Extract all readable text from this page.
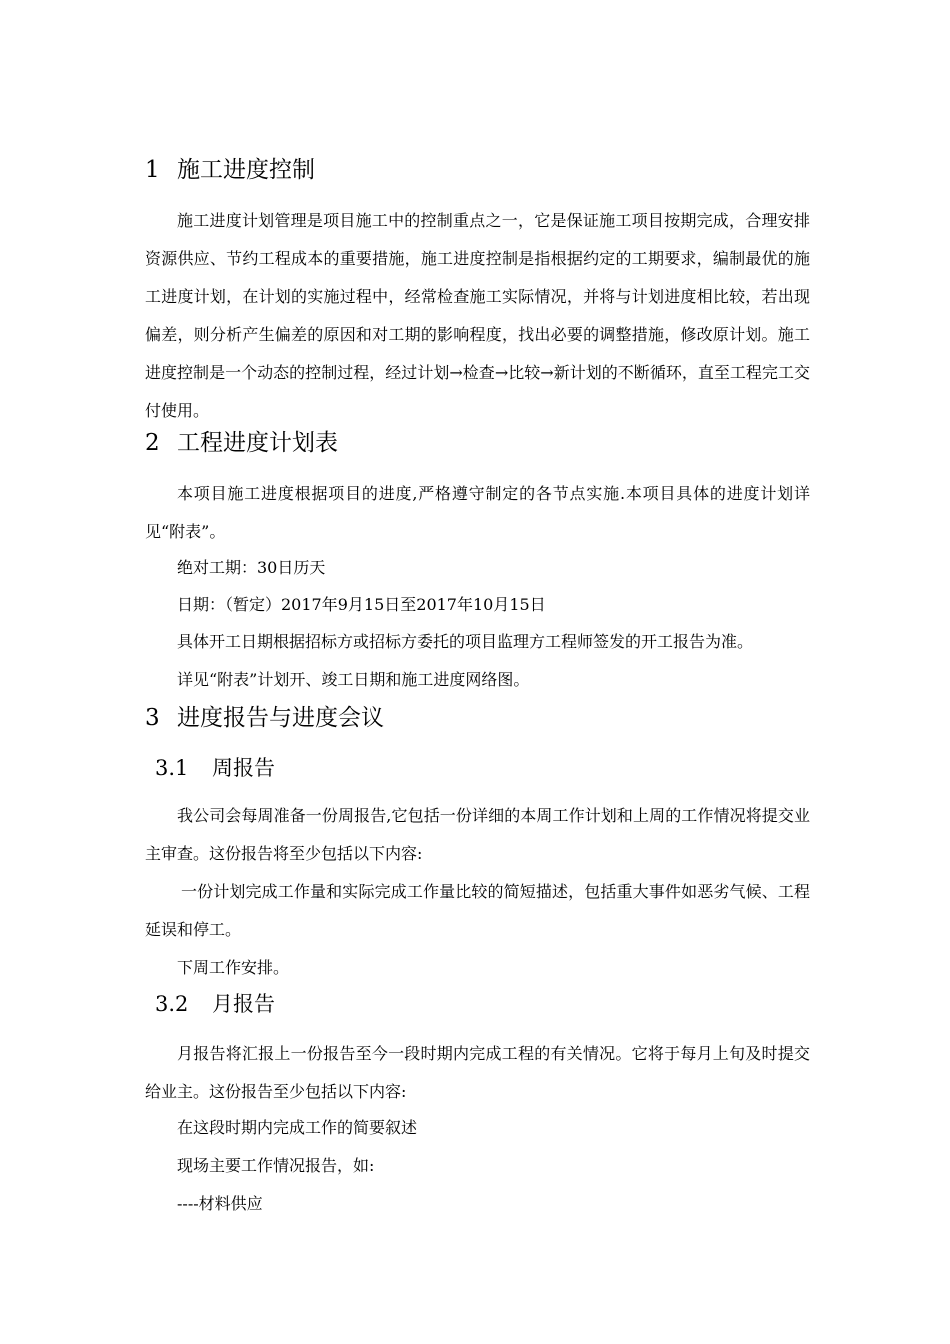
1 施工进度控制

施工进度计划管理是项目施工中的控制重点之一，它是保证施工项目按期完成，合理安排资源供应、节约工程成本的重要措施，施工进度控制是指根据约定的工期要求，编制最优的施工进度计划，在计划的实施过程中，经常检查施工实际情况，并将与计划进度相比较，若出现偏差，则分析产生偏差的原因和对工期的影响程度，找出必要的调整措施，修改原计划。施工进度控制是一个动态的控制过程，经过计划→检查→比较→新计划的不断循环，直至工程完工交付使用。

2 工程进度计划表

本项目施工进度根据项目的进度,严格遵守制定的各节点实施.本项目具体的进度计划详见“附表”。

绝对工期：30日历天
日期：（暂定）2017年9月15日至2017年10月15日
具体开工日期根据招标方或招标方委托的项目监理方工程师签发的开工报告为准。
详见“附表”计划开、竣工日期和施工进度网络图。
3 进度报告与进度会议
3.1 周报告

我公司会每周准备一份周报告,它包括一份详细的本周工作计划和上周的工作情况将提交业主审查。这份报告将至少包括以下内容:

一份计划完成工作量和实际完成工作量比较的简短描述，包括重大事件如恶劣气候、工程延误和停工。

下周工作安排。
3.2 月报告

月报告将汇报上一份报告至今一段时期内完成工程的有关情况。它将于每月上旬及时提交给业主。这份报告至少包括以下内容:

在这段时期内完成工作的简要叙述
现场主要工作情况报告，如:
----材料供应
